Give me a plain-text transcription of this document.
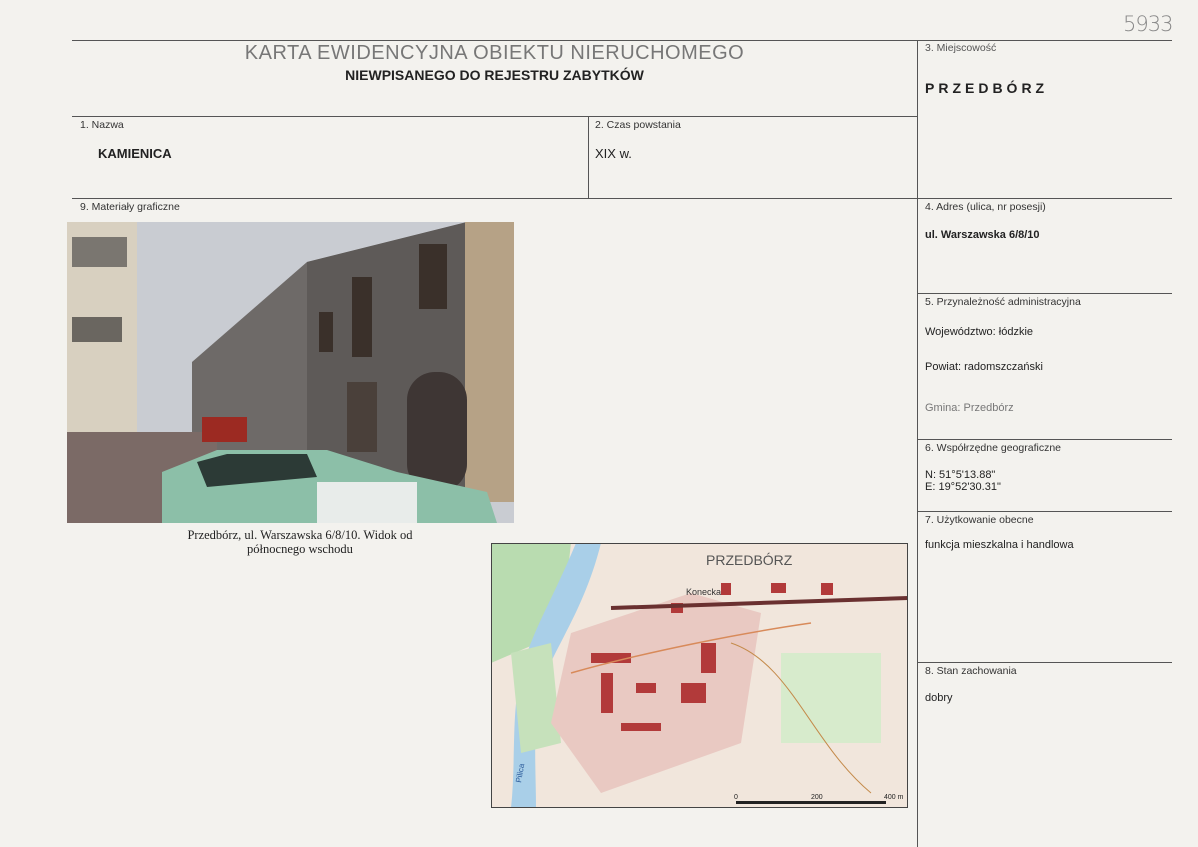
5933
KARTA EWIDENCYJNA OBIEKTU NIERUCHOMEGO
NIEWPISANEGO DO REJESTRU ZABYTKÓW
1. Nazwa
KAMIENICA
2. Czas powstania
XIX w.
3. Miejscowość
PRZEDBÓRZ
4. Adres (ulica, nr posesji)
ul. Warszawska 6/8/10
5. Przynależność administracyjna
Województwo: łódzkie
Powiat: radomszczański
Gmina: Przedbórz
6. Współrzędne geograficzne
N: 51°5'13.88"
E: 19°52'30.31"
7. Użytkowanie obecne
funkcja mieszkalna i handlowa
8. Stan zachowania
dobry
9. Materiały graficzne
Przedbórz, ul. Warszawska 6/8/10. Widok od
północnego wschodu
PRZEDBÓRZ
Konecka
Pilica
0	200	400 m
